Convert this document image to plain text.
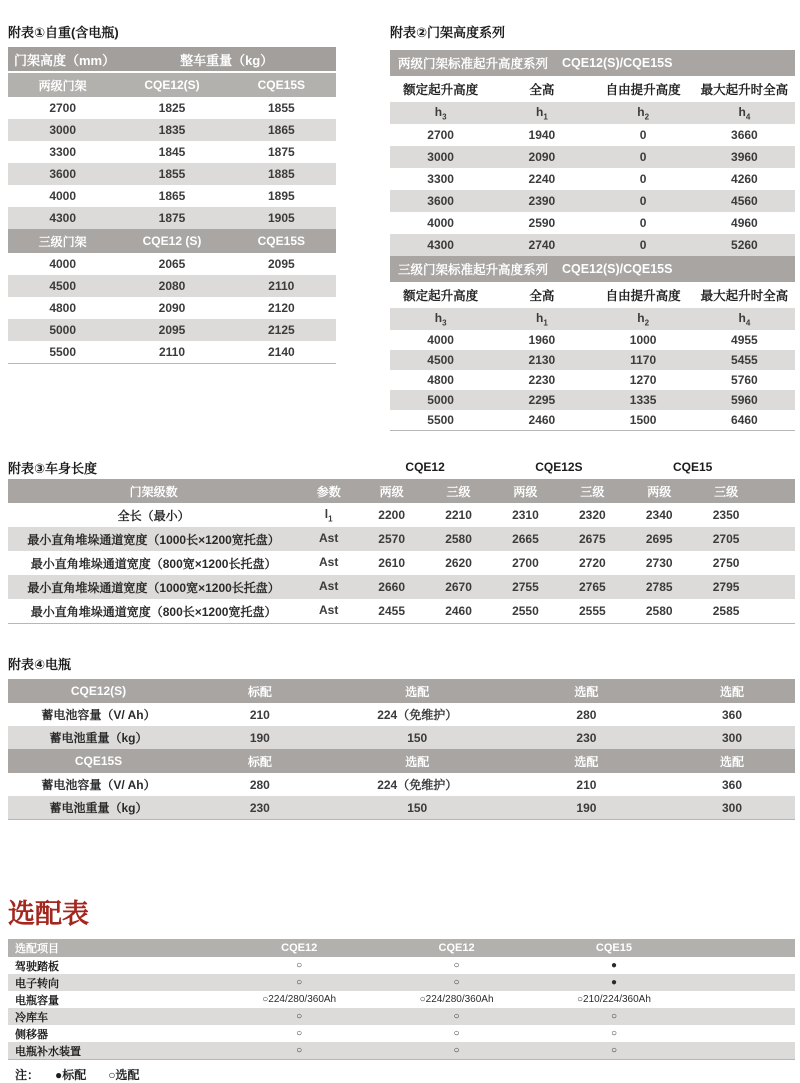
附表①自重(含电瓶)
门架高度（mm）	整车重量（kg）
两级门架	CQE12(S)	CQE15S
2700	1825	1855
3000	1835	1865
3300	1845	1875
3600	1855	1885
4000	1865	1895
4300	1875	1905
三级门架	CQE12 (S)	CQE15S
4000	2065	2095
4500	2080	2110
4800	2090	2120
5000	2095	2125
5500	2110	2140
附表②门架高度系列
两级门架标准起升高度系列 CQE12(S)/CQE15S
额定起升高度	全高	自由提升高度	最大起升时全高
$h_3$	$h_1$	$h_2$	$h_4$
2700	1940	0	3660
3000	2090	0	3960
3300	2240	0	4260
3600	2390	0	4560
4000	2590	0	4960
4300	2740	0	5260
三级门架标准起升高度系列 CQE12(S)/CQE15S
额定起升高度	全高	自由提升高度	最大起升时全高
$h_3$	$h_1$	$h_2$	$h_4$
4000	1960	1000	4955
4500	2130	1170	5455
4800	2230	1270	5760
5000	2295	1335	5960
5500	2460	1500	6460
附表③车身长度	CQE12	CQE12S	CQE15
门架级数	参数	两级	三级	两级	三级	两级	三级
全长（最小）	$l_1$	2200	2210	2310	2320	2340	2350
最小直角堆垛通道宽度（1000长×1200宽托盘）	Ast	2570	2580	2665	2675	2695	2705
最小直角堆垛通道宽度（800宽×1200长托盘）	Ast	2610	2620	2700	2720	2730	2750
最小直角堆垛通道宽度（1000宽×1200长托盘）	Ast	2660	2670	2755	2765	2785	2795
最小直角堆垛通道宽度（800长×1200宽托盘）	Ast	2455	2460	2550	2555	2580	2585
附表④电瓶
CQE12(S)	标配	选配	选配	选配
蓄电池容量（V/ Ah）	210	224（免维护）	280	360
蓄电池重量（kg）	190	150	230	300
CQE15S	标配	选配	选配	选配
蓄电池容量（V/ Ah）	280	224（免维护）	210	360
蓄电池重量（kg）	230	150	190	300
选配表
选配项目	CQE12	CQE12	CQE15
驾驶踏板	○	○	●
电子转向	○	○	●
电瓶容量	○224/280/360Ah	○224/280/360Ah	○210/224/360Ah
冷库车	○	○	○
侧移器	○	○	○
电瓶补水装置	○	○	○
注： ●标配 ○选配
